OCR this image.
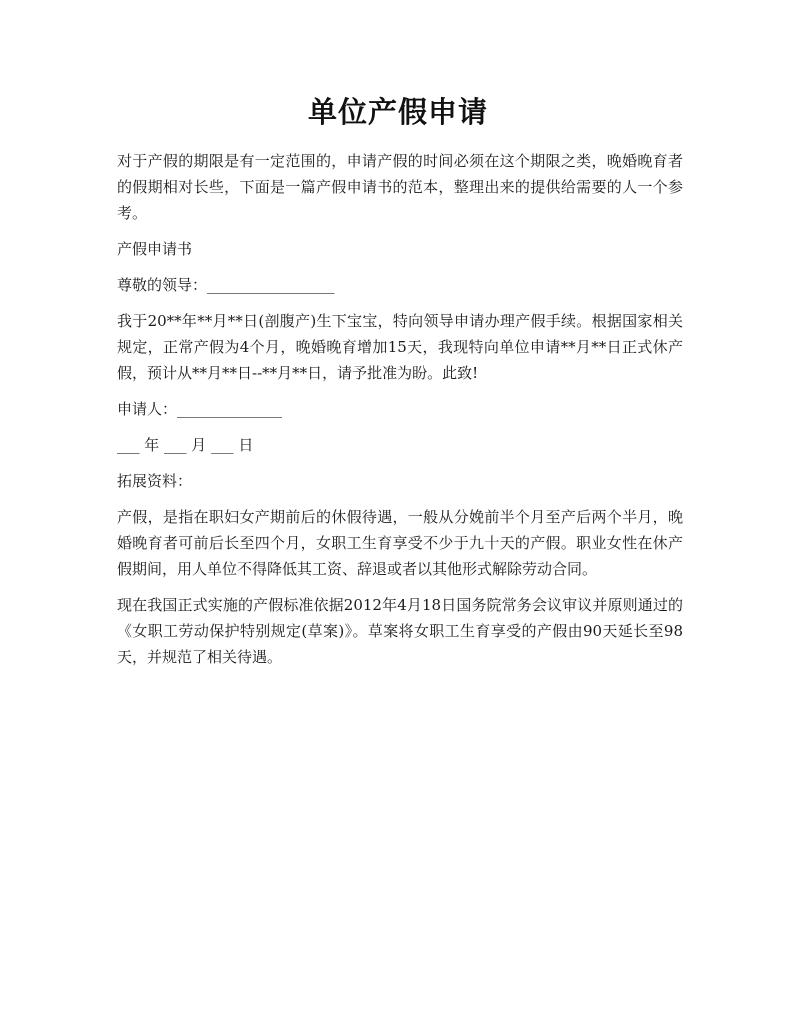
单位产假申请

对于产假的期限是有一定范围的，申请产假的时间必须在这个期限之类，晚婚晚育者的假期相对长些，下面是一篇产假申请书的范本，整理出来的提供给需要的人一个参考。

产假申请书

尊敬的领导：_________________

我于20**年**月**日(剖腹产)生下宝宝，特向领导申请办理产假手续。根据国家相关规定，正常产假为4个月，晚婚晚育增加15天，我现特向单位申请**月**日正式休产假，预计从**月**日--**月**日，请予批准为盼。此致!

申请人：______________

___ 年 ___ 月 ___ 日

拓展资料：

产假，是指在职妇女产期前后的休假待遇，一般从分娩前半个月至产后两个半月，晚婚晚育者可前后长至四个月，女职工生育享受不少于九十天的产假。职业女性在休产假期间，用人单位不得降低其工资、辞退或者以其他形式解除劳动合同。

现在我国正式实施的产假标准依据2012年4月18日国务院常务会议审议并原则通过的《女职工劳动保护特别规定(草案)》。草案将女职工生育享受的产假由90天延长至98天，并规范了相关待遇。
